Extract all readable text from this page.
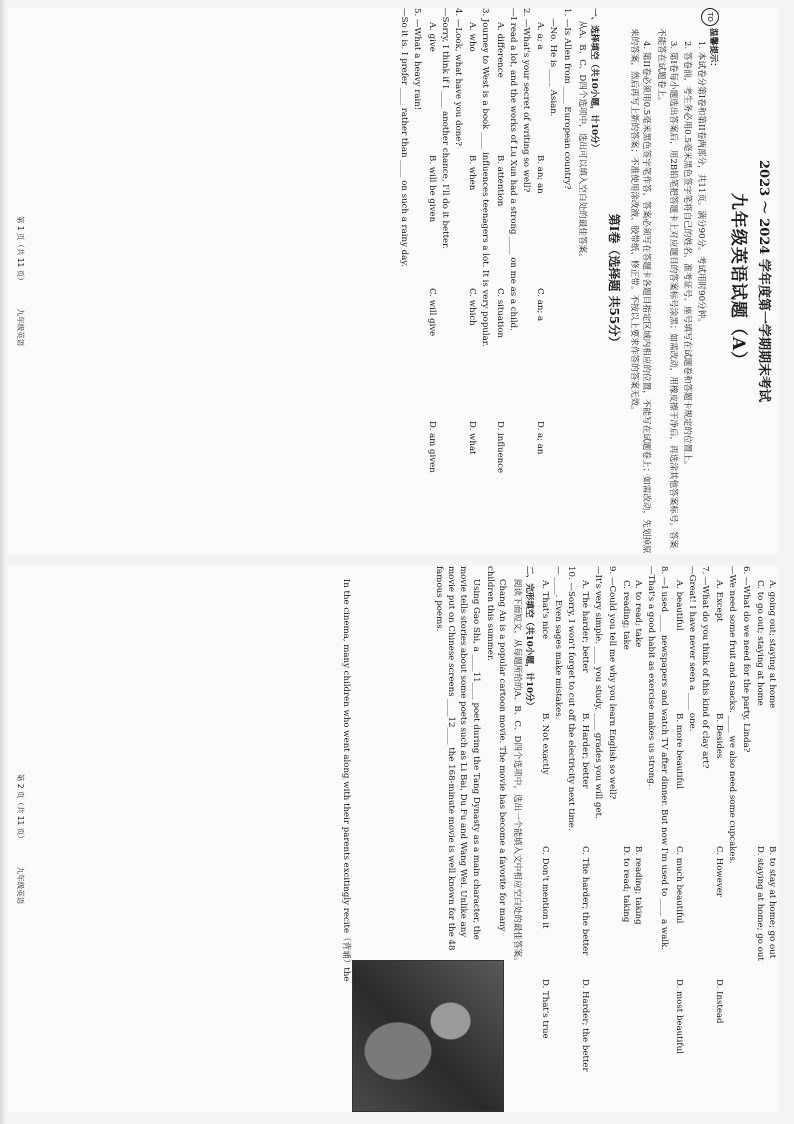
2023 ～ 2024 学年度第一学期期末考试
九年级英语试题（A）
TO
温馨提示：

1. 本试卷分第I卷和第II卷两部分，共11页。满分90分。考试用时90分钟。

2. 答卷前，考生务必用0.5毫米黑色签字笔将自己的姓名、准考证号、座号填写在试题卷和答题卡规定的位置上。

3. 第I卷每小题选出答案后，用2B铅笔把答题卡上对应题目的答案标号涂黑；如需改动，用橡皮擦干净后，再选涂其他答案标号。答案不能答在试题卷上。

4. 第II卷必须用0.5毫米黑色签字笔作答，答案必须写在答题卡各题目指定区域内相应的位置，不能写在试题卷上；如需改动，先划掉原来的答案，然后再写上新的答案；不准使用涂改液、胶带纸、修正带。不按以上要求作答的答案无效。

第I卷（选择题 共55分）
一、选择填空（共10小题，计10分）
从A、B、C、D四个选项中，选出可以填入空白处的最佳答案。
1. —Is Allen from ____ European country?
—No. He is ____ Asian.
A. a; a
B. an; an
C. an; a
D. a; an
2. —What's your secret of writing so well?
—I read a lot, and the works of Lu Xun had a strong ____ on me as a child.
A. difference
B. attention
C. situation
D. influence
3. Journey to West is a book ____ influences teenagers a lot. It is very popular.
A. who
B. when
C. which
D. what
4. —Look, what have you done?
—Sorry, I think if I ____ another chance, I'll do it better.
A. give
B. will be given
C. will give
D. am given
5. —What a heavy rain!
—So it is. I prefer ____ rather than ____ on such a rainy day.
第 1 页（共 11 页）
九年级英语
A. going out; staying at home
B. to stay at home; go out
C. to go out; staying at home
D. staying at home; go out
6. —What do we need for the party, Linda?
—We need some fruit and snacks. ____ we also need some cupcakes.
A. Except
B. Besides
C. However
D. Instead
7. —What do you think of this kind of clay art?
—Great! I have never seen a ____ one.
A. beautiful
B. more beautiful
C. much beautiful
D. most beautiful
8. —I used ____ newspapers and watch TV after dinner. But now I'm used to ____ a walk.
—That's a good habit as exercise makes us strong.
A. to read; take
B. reading; taking
C. reading; take
D. to read; taking
9. —Could you tell me why you learn English so well?
—It's very simple. ____ you study, ____ grades you will get.
A. The harder; better
B. Harder; better
C. The harder; the better
D. Harder; the better
10. —Sorry, I won't forget to cut off the electricity next time.
— ____. Even sages make mistakes.
A. That's nice
B. Not exactly
C. Don't mention it
D. That's true
二、完形填空（共10小题，计10分）
阅读下面短文，从每题所给的A、B、C、D四个选项中，选出一个能填入文中相应空白处的最佳答案。

Chang An is a popular cartoon movie. The movie has become a favorite for many children this summer.

Using Gao Shi, a ____11____ poet during the Tang Dynasty as a main character, the movie tells stories about some poets such as Li Bai, Du Fu and Wang Wei. Unlike any movie put on Chinese screens ____12____ the 168-minute movie is well known for the 48 famous poems.

In the cinema, many children who went along with their parents excitingly recite（背诵）the

第 2 页（共 11 页）
九年级英语
